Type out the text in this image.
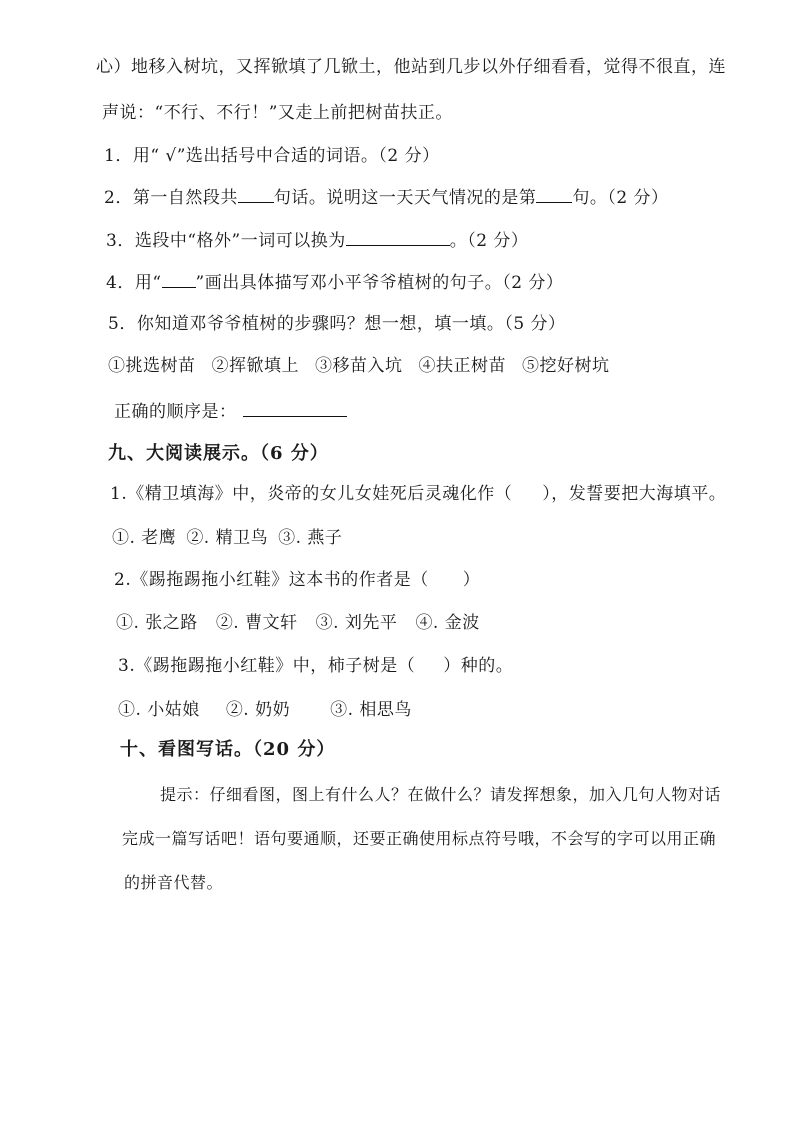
心）地移入树坑，又挥锨填了几锨土，他站到几步以外仔细看看，觉得不很直，连
声说：“不行、不行！”又走上前把树苗扶正。
1．用“ √”选出括号中合适的词语。（2 分）
2．第一自然段共 句话。说明这一天天气情况的是第 句。（2 分）
3．选段中“格外”一词可以换为	。（2 分）
4．用“ ”画出具体描写邓小平爷爷植树的句子。（2 分）
5．你知道邓爷爷植树的步骤吗？想一想，填一填。（5 分）
①挑选树苗 ②挥锨填上 ③移苗入坑 ④扶正树苗 ⑤挖好树坑
正确的顺序是：
九、大阅读展示。（6 分）
1.《精卫填海》中，炎帝的女儿女娃死后灵魂化作（ ），发誓要把大海填平。
①. 老鹰 ②. 精卫鸟 ③. 燕子
2.《踢拖踢拖小红鞋》这本书的作者是（ ）
①. 张之路 ②. 曹文轩 ③. 刘先平 ④. 金波
3.《踢拖踢拖小红鞋》中，柿子树是（ ）种的。
①. 小姑娘 ②. 奶奶 ③. 相思鸟
十、看图写话。（20 分）
提示：仔细看图，图上有什么人？在做什么？请发挥想象，加入几句人物对话
完成一篇写话吧！语句要通顺，还要正确使用标点符号哦，不会写的字可以用正确
的拼音代替。
